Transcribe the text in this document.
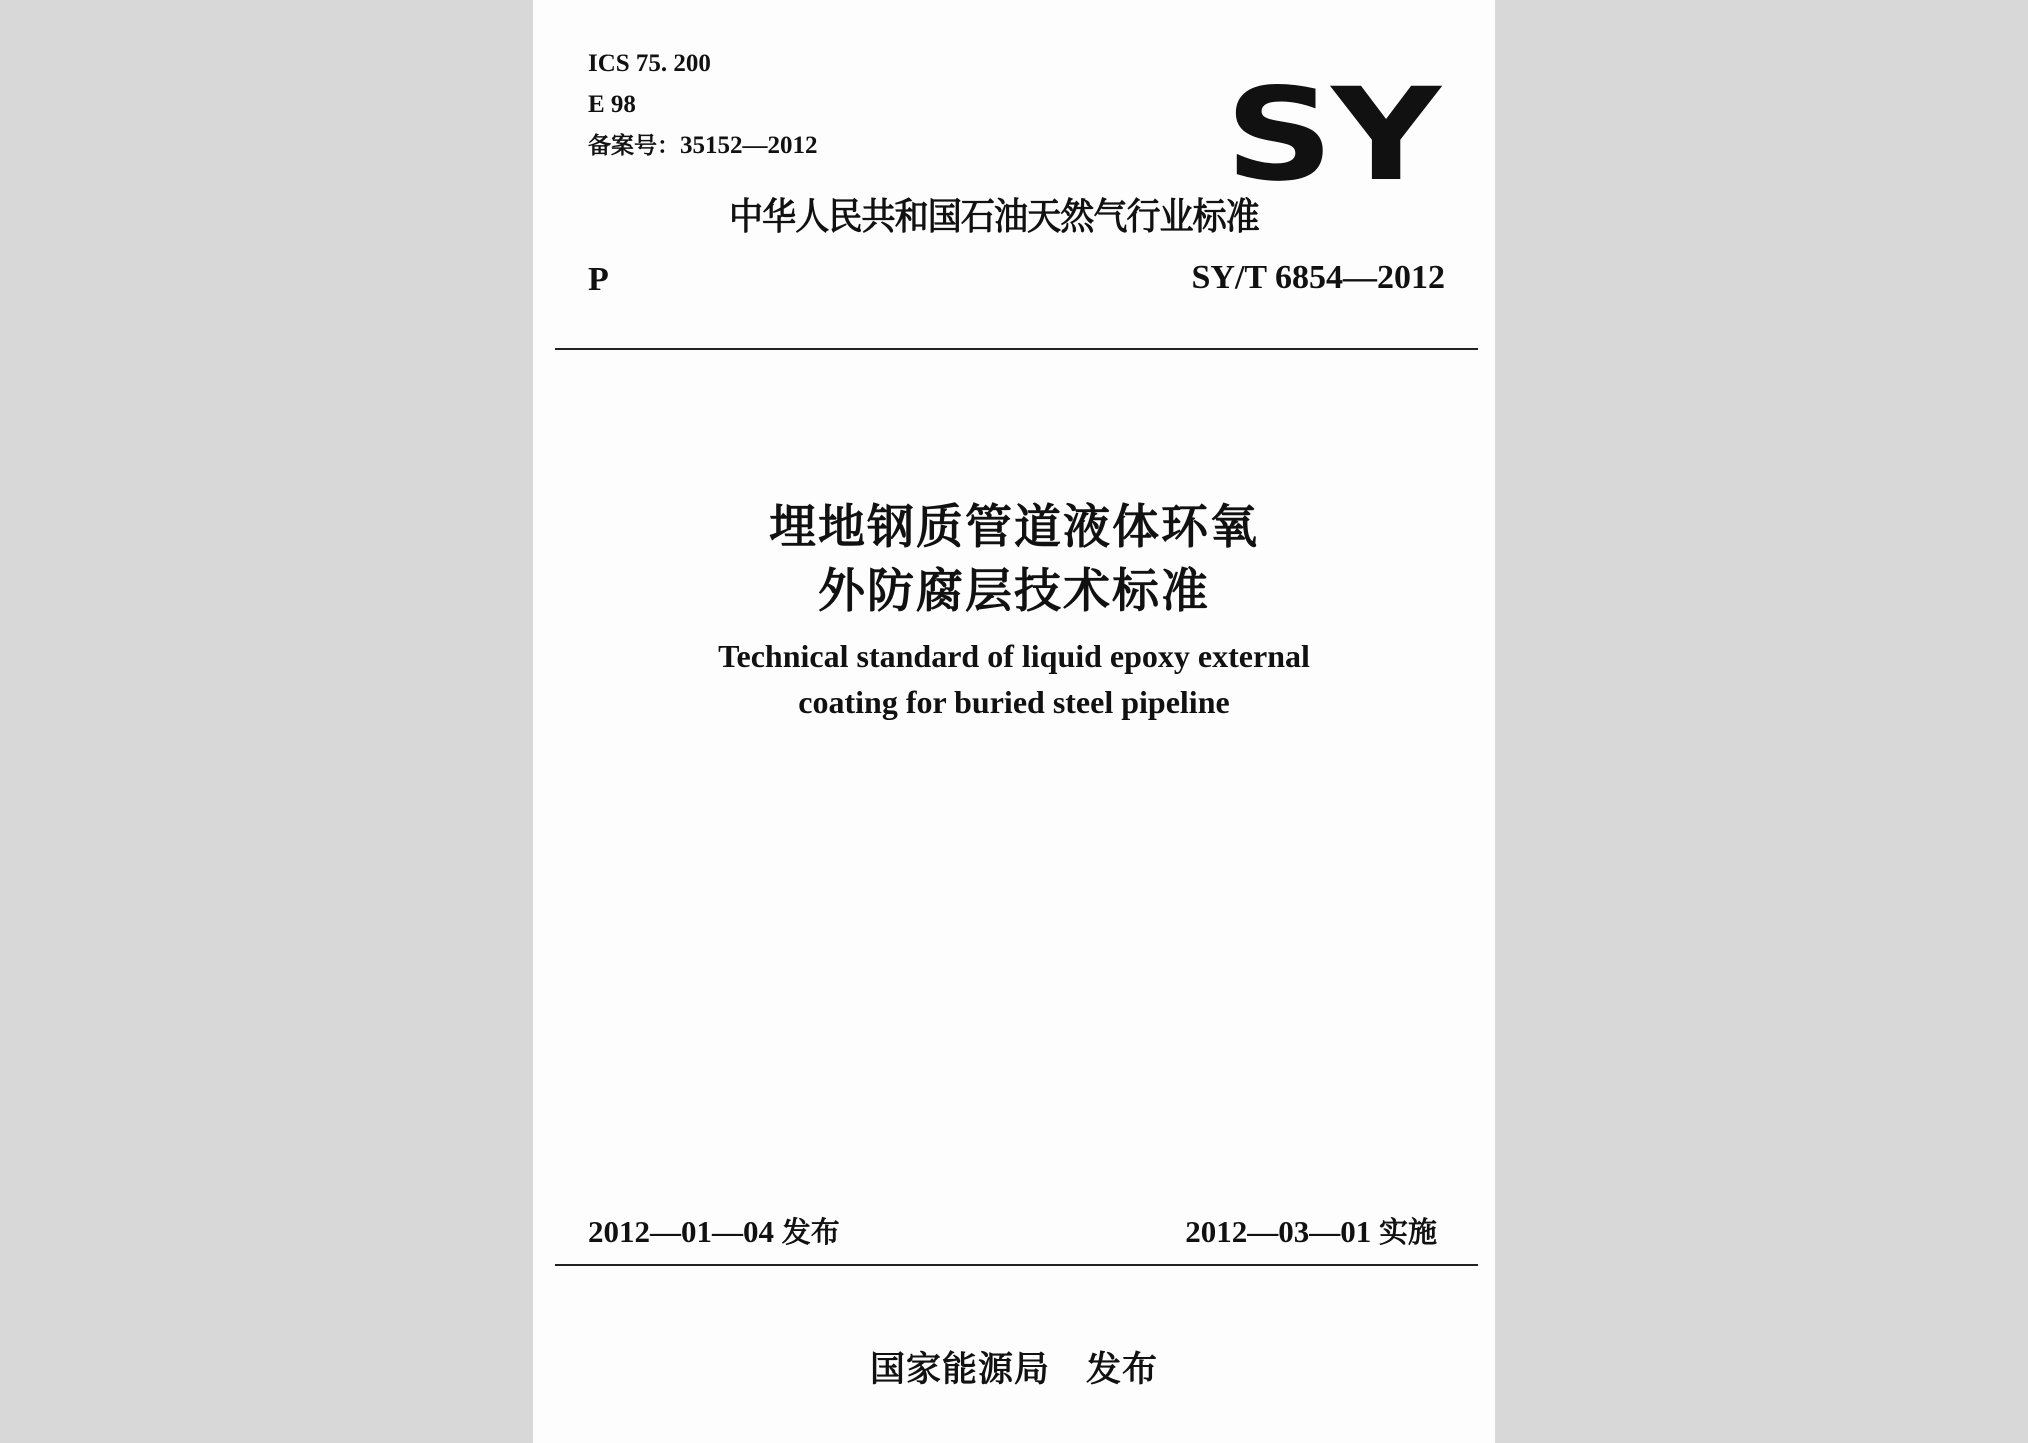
ICS 75. 200
E 98
备案号：35152—2012	SY
中华人民共和国石油天然气行业标准
P	SY/T 6854—2012
埋地钢质管道液体环氧
外防腐层技术标准
Technical standard of liquid epoxy external
coating for buried steel pipeline
2012—01—04 发布	2012—03—01 实施
国家能源局　发布
